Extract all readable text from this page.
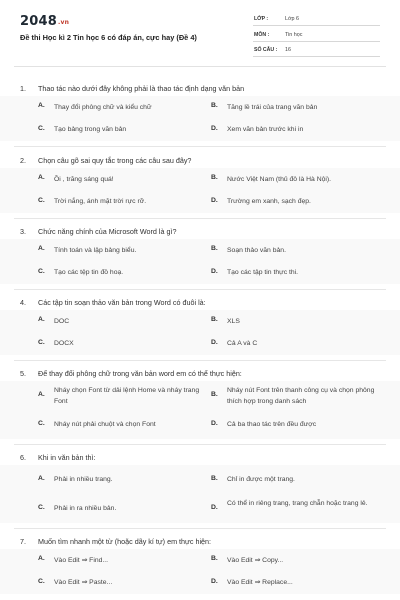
2048.vn
Đề thi Học kì 2 Tin học 6 có đáp án, cực hay (Đề 4)
LỚP :	Lớp 6
MÔN :	Tin học
SỐ CÂU : 16
1. Thao tác nào dưới đây không phải là thao tác định dạng văn bản
A. Thay đổi phông chữ và kiểu chữ	B. Tăng lề trái của trang văn bản
C. Tạo bảng trong văn bản	D. Xem văn bản trước khi in
2. Chọn câu gõ sai quy tắc trong các câu sau đây?
A. Ồi , trăng sáng quá!	B. Nước Việt Nam (thủ đô là Hà Nội).
C. Trời nắng, ánh mặt trời rực rỡ.	D. Trường em xanh, sạch đẹp.
3. Chức năng chính của Microsoft Word là gì?
A. Tính toán và lập bảng biểu.	B. Soạn thảo văn bản.
C. Tạo các tệp tin đồ hoạ.	D. Tạo các tập tin thực thi.
4. Các tập tin soạn thảo văn bản trong Word có đuôi là:
A. DOC	B. XLS
C. DOCX	D. Cả A và C
5. Để thay đổi phông chữ trong văn bản word em có thể thực hiện:
A.
Nháy chọn Font từ dải lệnh Home và nháy trang Font
B.
Nháy nút Font trên thanh công cụ và chọn phông thích hợp trong danh sách
C. Nháy nút phải chuột và chọn Font	D. Cả ba thao tác trên đều được
6. Khi in văn bản thì:
A. Phải in nhiều trang.	B. Chỉ in được một trang.
C. Phải in ra nhiều bản.	D.
Có thể in riêng trang, trang chẵn hoặc trang lẻ.
7. Muốn tìm nhanh một từ (hoặc dãy kí tự) em thực hiện:
A. Vào Edit ⇒ Find...	B. Vào Edit ⇒ Copy...
C. Vào Edit ⇒ Paste...	D. Vào Edit ⇒ Replace...
